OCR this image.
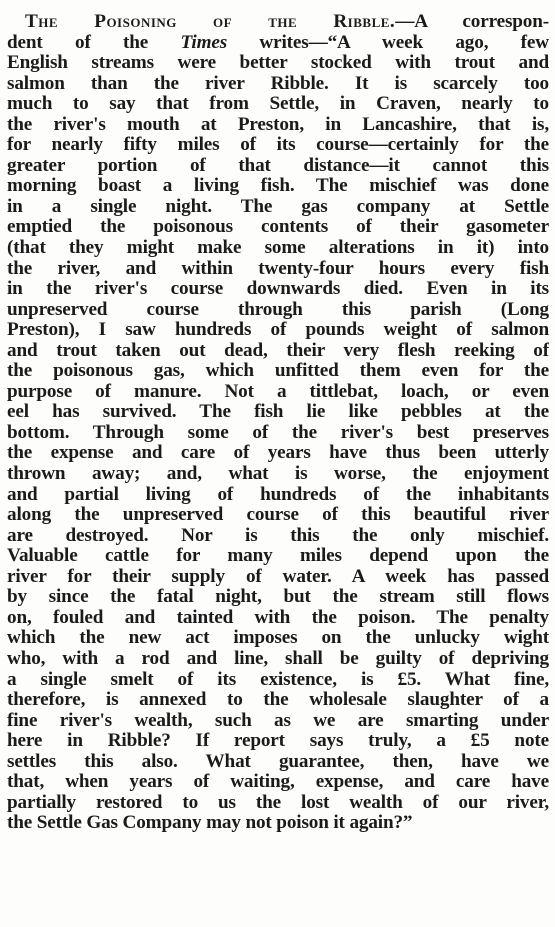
The Poisoning of the Ribble.—A correspon-
dent of the Times writes—“A week ago, few
English streams were better stocked with trout and
salmon than the river Ribble. It is scarcely too
much to say that from Settle, in Craven, nearly to
the river's mouth at Preston, in Lancashire, that is,
for nearly fifty miles of its course—certainly for the
greater portion of that distance—it cannot this
morning boast a living fish. The mischief was done
in a single night. The gas company at Settle
emptied the poisonous contents of their gasometer
(that they might make some alterations in it) into
the river, and within twenty-four hours every fish
in the river's course downwards died. Even in its
unpreserved course through this parish (Long
Preston), I saw hundreds of pounds weight of salmon
and trout taken out dead, their very flesh reeking of
the poisonous gas, which unfitted them even for the
purpose of manure. Not a tittlebat, loach, or even
eel has survived. The fish lie like pebbles at the
bottom. Through some of the river's best preserves
the expense and care of years have thus been utterly
thrown away; and, what is worse, the enjoyment
and partial living of hundreds of the inhabitants
along the unpreserved course of this beautiful river
are destroyed. Nor is this the only mischief.
Valuable cattle for many miles depend upon the
river for their supply of water. A week has passed
by since the fatal night, but the stream still flows
on, fouled and tainted with the poison. The penalty
which the new act imposes on the unlucky wight
who, with a rod and line, shall be guilty of depriving
a single smelt of its existence, is £5. What fine,
therefore, is annexed to the wholesale slaughter of a
fine river's wealth, such as we are smarting under
here in Ribble? If report says truly, a £5 note
settles this also. What guarantee, then, have we
that, when years of waiting, expense, and care have
partially restored to us the lost wealth of our river,
the Settle Gas Company may not poison it again?”
